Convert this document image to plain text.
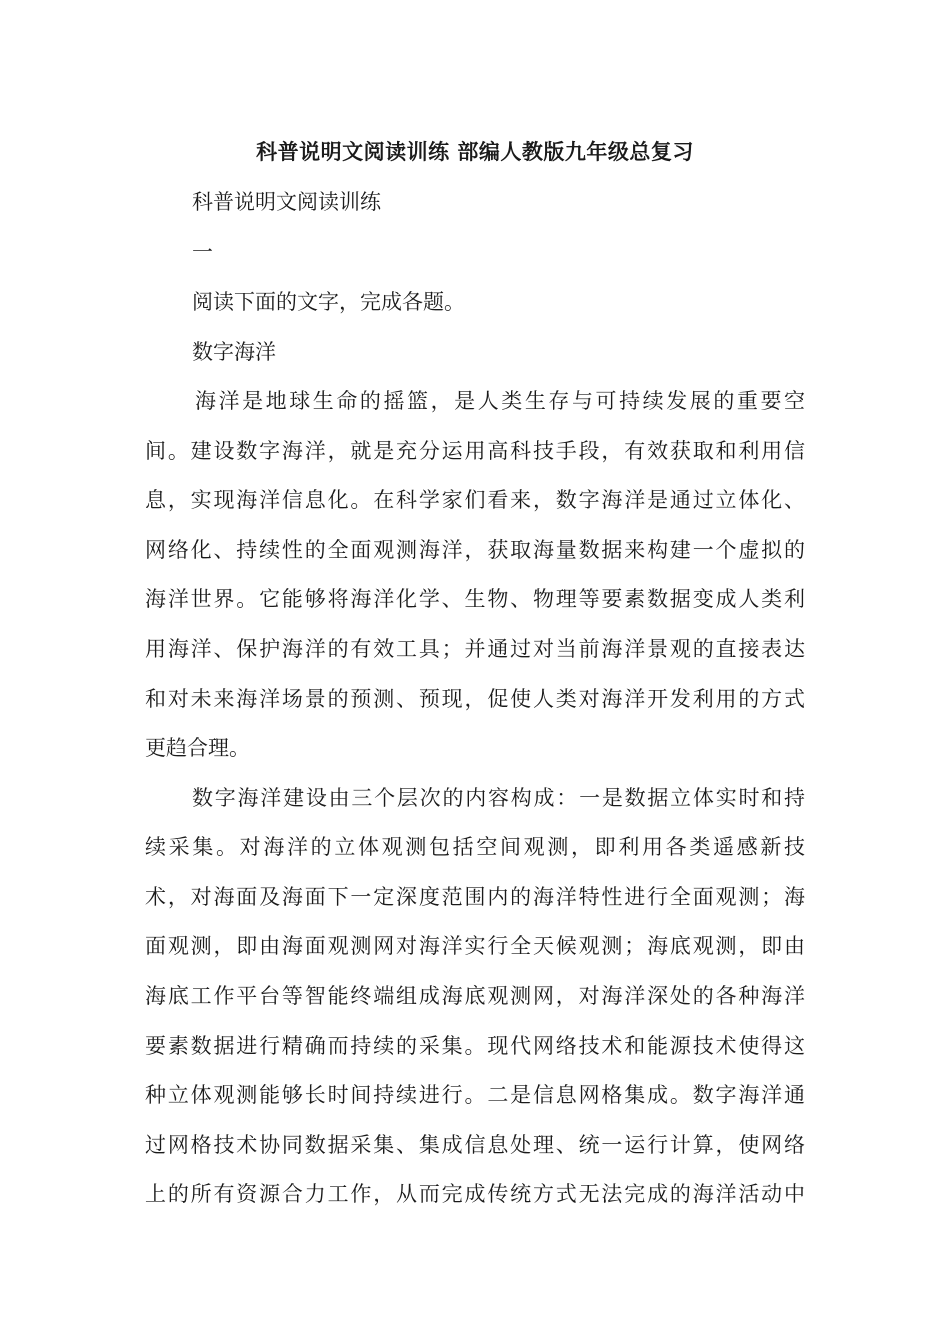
科普说明文阅读训练 部编人教版九年级总复习
科普说明文阅读训练
一
阅读下面的文字，完成各题。
数字海洋
海洋是地球生命的摇篮，是人类生存与可持续发展的重要空
间。建设数字海洋，就是充分运用高科技手段，有效获取和利用信
息，实现海洋信息化。在科学家们看来，数字海洋是通过立体化、
网络化、持续性的全面观测海洋，获取海量数据来构建一个虚拟的
海洋世界。它能够将海洋化学、生物、物理等要素数据变成人类利
用海洋、保护海洋的有效工具；并通过对当前海洋景观的直接表达
和对未来海洋场景的预测、预现，促使人类对海洋开发利用的方式
更趋合理。
数字海洋建设由三个层次的内容构成：一是数据立体实时和持
续采集。对海洋的立体观测包括空间观测，即利用各类遥感新技
术，对海面及海面下一定深度范围内的海洋特性进行全面观测；海
面观测，即由海面观测网对海洋实行全天候观测；海底观测，即由
海底工作平台等智能终端组成海底观测网，对海洋深处的各种海洋
要素数据进行精确而持续的采集。现代网络技术和能源技术使得这
种立体观测能够长时间持续进行。二是信息网格集成。数字海洋通
过网格技术协同数据采集、集成信息处理、统一运行计算，使网络
上的所有资源合力工作，从而完成传统方式无法完成的海洋活动中
